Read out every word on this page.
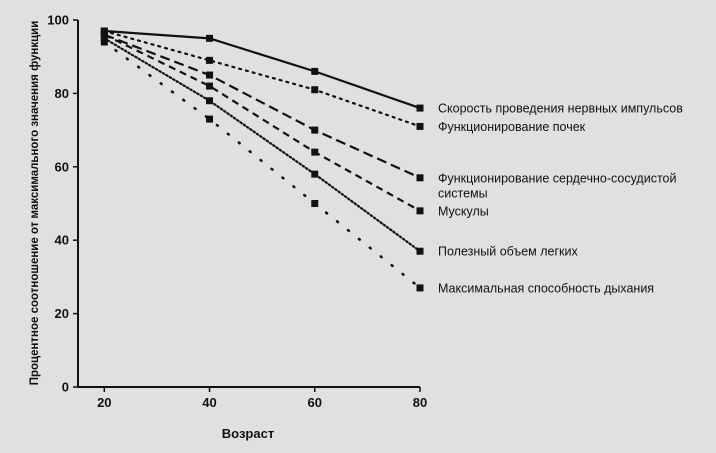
20	40	60	80
0
20
40
60
80
100
Скорость проведения нервных импульсов
Функционирование почек
Функционирование сердечно-сосудистой системы
Мускулы
Полезный объем легких
Максимальная способность дыхания
Возраст
Процентное соотношение от максимального значения функции
